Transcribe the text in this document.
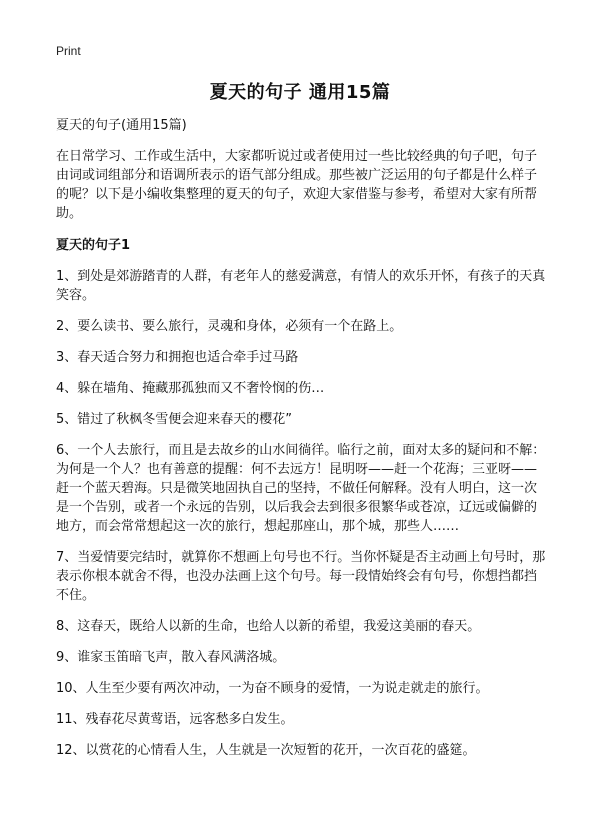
Print
夏天的句子 通用15篇

夏天的句子(通用15篇)

在日常学习、工作或生活中，大家都听说过或者使用过一些比较经典的句子吧，句子由词或词组部分和语调所表示的语气部分组成。那些被广泛运用的句子都是什么样子的呢？以下是小编收集整理的夏天的句子，欢迎大家借鉴与参考，希望对大家有所帮助。

夏天的句子1

1、到处是郊游踏青的人群，有老年人的慈爱满意，有情人的欢乐开怀，有孩子的天真笑容。

2、要么读书、要么旅行，灵魂和身体，必须有一个在路上。

3、春天适合努力和拥抱也适合牵手过马路

4、躲在墙角、掩藏那孤独而又不奢怜悯的伤…

5、错过了秋枫冬雪便会迎来春天的樱花”

6、一个人去旅行，而且是去故乡的山水间徜徉。临行之前，面对太多的疑问和不解：为何是一个人？也有善意的提醒：何不去远方！昆明呀——赶一个花海；三亚呀——赶一个蓝天碧海。只是微笑地固执自己的坚持，不做任何解释。没有人明白，这一次是一个告别，或者一个永远的告别，以后我会去到很多很繁华或苍凉，辽远或偏僻的地方，而会常常想起这一次的旅行，想起那座山，那个城，那些人……

7、当爱情要完结时，就算你不想画上句号也不行。当你怀疑是否主动画上句号时，那表示你根本就舍不得，也没办法画上这个句号。每一段情始终会有句号，你想挡都挡不住。

8、这春天，既给人以新的生命，也给人以新的希望，我爱这美丽的春天。

9、谁家玉笛暗飞声，散入春风满洛城。

10、人生至少要有两次冲动，一为奋不顾身的爱情，一为说走就走的旅行。

11、残春花尽黄莺语，远客愁多白发生。

12、以赏花的心情看人生，人生就是一次短暂的花开，一次百花的盛筵。
